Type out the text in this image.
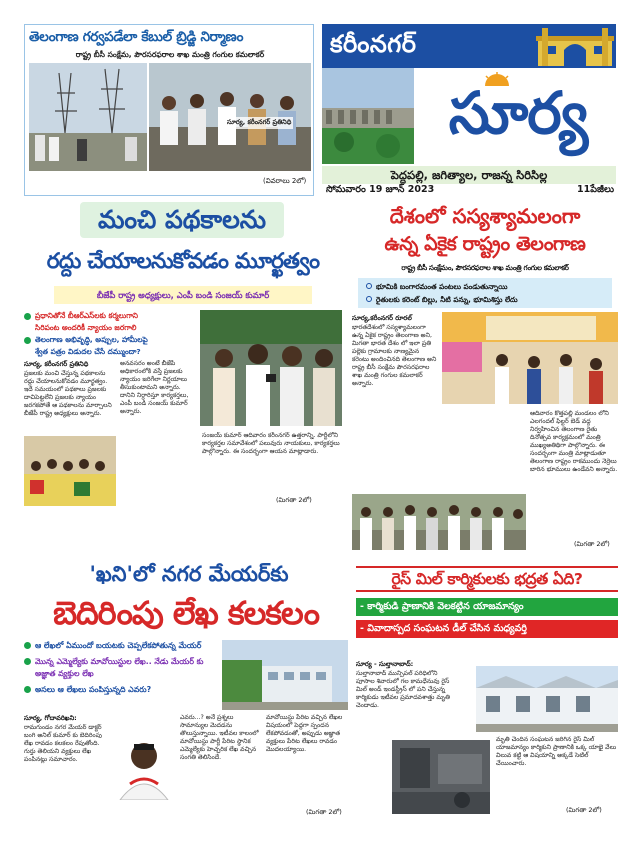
తెలంగాణ గర్వపడేలా కేబుల్ బ్రిడ్జి నిర్మాణం
రాష్ట్ర బీసీ సంక్షేమ, పౌరసరఫరాల శాఖ మంత్రి గంగుల కమలాకర్
సూర్య, కరీంనగర్ ప్రతినిధి
(వివరాలు 2లో)
కరీంనగర్
సూర్య
పెద్దపల్లి, జగిత్యాల, రాజన్న సిరిసిల్ల
సోమవారం 19 జూన్ 2023	11పేజీలు
మంచి పథకాలను
రద్దు చేయాలనుకోవడం మూర్ఖత్వం
బీజేపీ రాష్ట్ర అధ్యక్షులు, ఎంపీ బండి సంజయ్ కుమార్
ప్రధానితోనే బీఆర్ఎస్‌లకు కర్మలుగాని
సిరిపంట అందరికీ న్యాయం జరగాలి
తెలంగాణ అభివృద్ధి, అప్పుల, హామీలపై
శ్వేత పత్రం విడుదల చేసే దమ్ముందా?
సూర్య, కరీంనగర్ ప్రతినిధి
ప్రజలకు మంచి చేస్తున్న పథకాలను రద్దు చేయాలనుకోవడం మూర్ఖత్వం. ఇదే సమయంలో పథకాలు ప్రజలకు దాచిపెట్టలేని ప్రజలకు న్యాయం జరగకపోతే ఆ పథకాలను మార్చాలని బీజేపీ రాష్ట్ర అధ్యక్షులు అన్నారు.
అనవసరం అంటే బీజేపీ అధికారంలోకి వస్తే ప్రజలకు న్యాయం జరిగేలా నిర్ణయాలు తీసుకుంటామని అన్నారు. దానిని నిర్ధారిస్తూ కార్యకర్తలు, ఎంపీ బండి సంజయ్ కుమార్ అన్నారు.
సంజయ్ కుమార్ ఆదివారం కరీంనగర్ ఉత్తరాన్ని. పార్టీలోని కార్యకర్తల సమావేశంలో పలువురు నాయకులు, కార్యకర్తలు పాల్గొన్నారు. ఈ సందర్భంగా ఆయన మాట్లాడారు.
(మిగతా 2లో)
దేశంలో సస్యశ్యామలంగా
ఉన్న ఏకైక రాష్ట్రం తెలంగాణ
రాష్ట్ర బీసీ సంక్షేమం, పౌరసరఫరాల శాఖ మంత్రి గంగుల కమలాకర్
భూమికి బంగారమంత పంటలు పండుతున్నాయి
రైతులకు కరెంట్ బిల్లు, నీటి పన్ను, భూమిశిస్తు లేదు
సూర్య,కరీంనగర్ రూరల్
భారతదేశంలో సస్యశ్యామలంగా ఉన్న ఏకైక రాష్ట్రం తెలంగాణ అని, మిగతా భారత దేశం లో ఇలా ప్రతి పల్లెకు గ్రామాలకు నాణ్యమైన కరెంటు అందించినది తెలంగాణ అని రాష్ట్ర బీసీ సంక్షేమ పౌరసరఫరాల శాఖ మంత్రి గంగుల కమలాకర్ అన్నారు.
ఆదివారం కొత్తపల్లి మండలం లోని ఎలగందల్ ఫిల్టర్ బెడ్ వద్ద నిర్వహించిన తెలంగాణ రైతు దినోత్సవ కార్యక్రమంలో మంత్రి ముఖ్యఅతిథిగా పాల్గొన్నారు. ఈ సందర్భంగా మంత్రి మాట్లాడుతూ తెలంగాణ రాష్ట్రం రాకముందు నెర్రెలు బారిన భూములు ఉండేవని అన్నారు.
(మిగతా 2లో)
'ఖని'లో నగర మేయర్‌కు
బెదిరింపు లేఖ కలకలం
ఆ లేఖలో ఏముందో బయటకు చెప్పలేకపోతున్న మేయర్
మొన్న ఎమ్మెల్యేకు మావోయిస్టుల లేఖ.. నేడు మేయర్ కు అజ్ఞాత వ్యక్తుల లేఖ
అసలు ఆ లేఖలు పంపిస్తున్నది ఎవరు?
సూర్య, గోదావరిఖని:
రామగుండం నగర మేయర్ డాక్టర్ బంగి అనిల్ కుమార్ కు బెదిరింపు లేఖ రావడం కలకలం రేపుతోంది. గుర్తు తెలియని వ్యక్తులు లేఖ పంపినట్లు సమాచారం.
ఎవరు...? అనే ప్రశ్నలు సామాన్యుల మెదడను తొలుస్తున్నాయి. ఇటీవల కాలంలో మావోయిస్టు పార్టీ పేరిట స్థానిక ఎమ్మెల్యేకు హెచ్చరిక లేఖ వచ్చిన సంగతి తెలిసిందే.
మావోయిస్టు పేరిట వచ్చిన లేఖల విషయంలో పెద్దగా స్పందన లేకపోవడంతో, అప్పుడు అజ్ఞాత వ్యక్తులు పేరిట లేఖలు రావడం మొదలయ్యాయి.
(మిగతా 2లో)
రైస్ మిల్ కార్మికులకు భద్రత ఏది?
- కార్మికుడి ప్రాణానికి వెలకట్టిన యాజమాన్యం
- వివాదాస్పద సంఘటన డీల్ చేసిన మధ్యవర్తి
సూర్య - సుల్తానాబాద్:
సుల్తానాబాద్ మున్సిపల్ పరిధిలోని పూసాల శివారులో గల కామధేనువు రైస్ మిల్ అండ్ ఇండస్ట్రీస్ లో పని చేస్తున్న కార్మికుడు ఇటీవల ప్రమాదవశాత్తు మృతి చెందాడు.
మృతి చెందిన సంఘటన జరిగిన రైస్ మిల్ యాజమాన్యం కార్మికుని ప్రాణానికి ఒక్క యాభై వేలు విలువ కట్టి ఆ విషయాన్ని అక్కడే సెటిల్ చేయించారు.
(మిగతా 2లో)
